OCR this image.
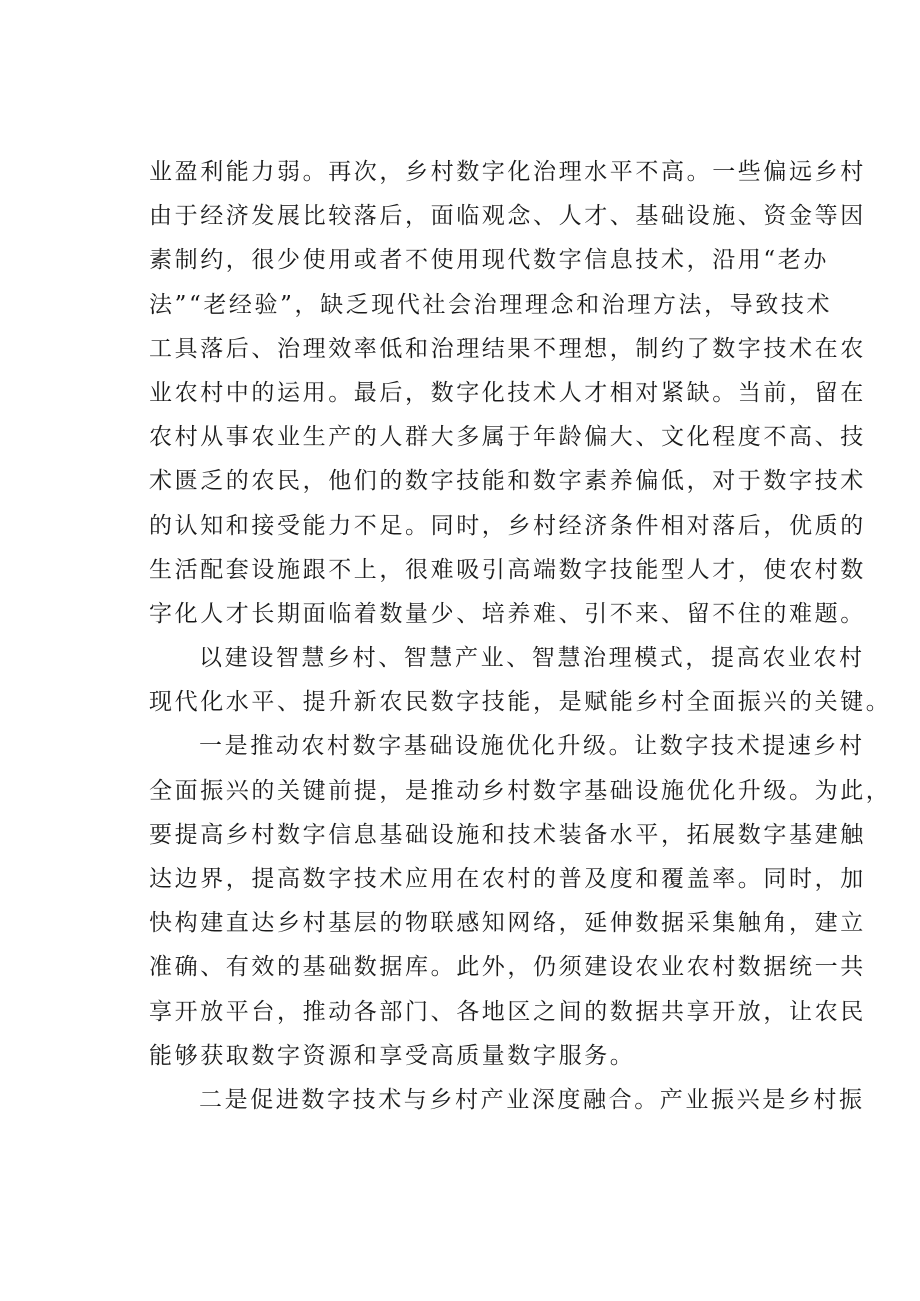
业盈利能力弱。再次，乡村数字化治理水平不高。一些偏远乡村
由于经济发展比较落后，面临观念、人才、基础设施、资金等因
素制约，很少使用或者不使用现代数字信息技术，沿用“老办
法”“老经验”，缺乏现代社会治理理念和治理方法，导致技术
工具落后、治理效率低和治理结果不理想，制约了数字技术在农
业农村中的运用。最后，数字化技术人才相对紧缺。当前，留在
农村从事农业生产的人群大多属于年龄偏大、文化程度不高、技
术匮乏的农民，他们的数字技能和数字素养偏低，对于数字技术
的认知和接受能力不足。同时，乡村经济条件相对落后，优质的
生活配套设施跟不上，很难吸引高端数字技能型人才，使农村数
字化人才长期面临着数量少、培养难、引不来、留不住的难题。
以建设智慧乡村、智慧产业、智慧治理模式，提高农业农村
现代化水平、提升新农民数字技能，是赋能乡村全面振兴的关键。
一是推动农村数字基础设施优化升级。让数字技术提速乡村
全面振兴的关键前提，是推动乡村数字基础设施优化升级。为此，
要提高乡村数字信息基础设施和技术装备水平，拓展数字基建触
达边界，提高数字技术应用在农村的普及度和覆盖率。同时，加
快构建直达乡村基层的物联感知网络，延伸数据采集触角，建立
准确、有效的基础数据库。此外，仍须建设农业农村数据统一共
享开放平台，推动各部门、各地区之间的数据共享开放，让农民
能够获取数字资源和享受高质量数字服务。
二是促进数字技术与乡村产业深度融合。产业振兴是乡村振
